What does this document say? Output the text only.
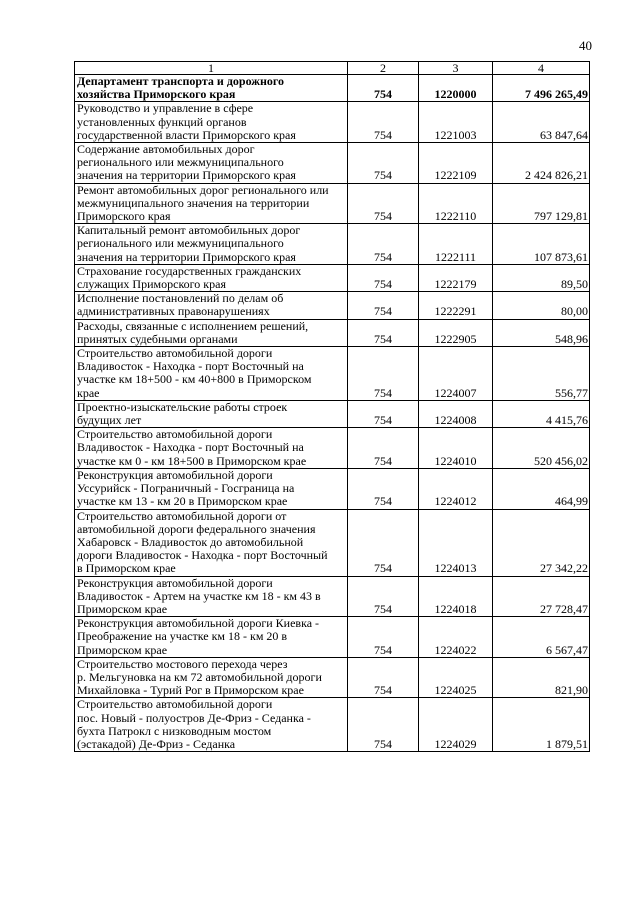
40
1	2	3	4
Департамент транспорта и дорожного
хозяйства Приморского края	754	1220000	7 496 265,49
Руководство и управление в сфере
установленных функций органов
государственной власти Приморского края	754	1221003	63 847,64
Содержание автомобильных дорог
регионального или межмуниципального
значения на территории Приморского края	754	1222109	2 424 826,21
Ремонт автомобильных дорог регионального или
межмуниципального значения на территории
Приморского края	754	1222110	797 129,81
Капитальный ремонт автомобильных дорог
регионального или межмуниципального
значения на территории Приморского края	754	1222111	107 873,61
Страхование государственных гражданских
служащих Приморского края	754	1222179	89,50
Исполнение постановлений по делам об
административных правонарушениях	754	1222291	80,00
Расходы, связанные с исполнением решений,
принятых судебными органами	754	1222905	548,96
Строительство автомобильной дороги
Владивосток - Находка - порт Восточный на
участке км 18+500 - км 40+800 в Приморском
крае	754	1224007	556,77
Проектно-изыскательские работы строек
будущих лет	754	1224008	4 415,76
Строительство автомобильной дороги
Владивосток - Находка - порт Восточный на
участке км 0 - км 18+500 в Приморском крае	754	1224010	520 456,02
Реконструкция автомобильной дороги
Уссурийск - Пограничный - Госграница на
участке км 13 - км 20 в Приморском крае	754	1224012	464,99
Строительство автомобильной дороги от
автомобильной дороги федерального значения
Хабаровск - Владивосток до автомобильной
дороги Владивосток - Находка - порт Восточный
в Приморском крае	754	1224013	27 342,22
Реконструкция автомобильной дороги
Владивосток - Артем на участке км 18 - км 43 в
Приморском крае	754	1224018	27 728,47
Реконструкция автомобильной дороги Киевка -
Преображение на участке км 18 - км 20 в
Приморском крае	754	1224022	6 567,47
Строительство мостового перехода через
р. Мельгуновка на км 72 автомобильной дороги
Михайловка - Турий Рог в Приморском крае	754	1224025	821,90
Строительство автомобильной дороги
пос. Новый - полуостров Де-Фриз - Седанка -
бухта Патрокл с низководным мостом
(эстакадой) Де-Фриз - Седанка	754	1224029	1 879,51
